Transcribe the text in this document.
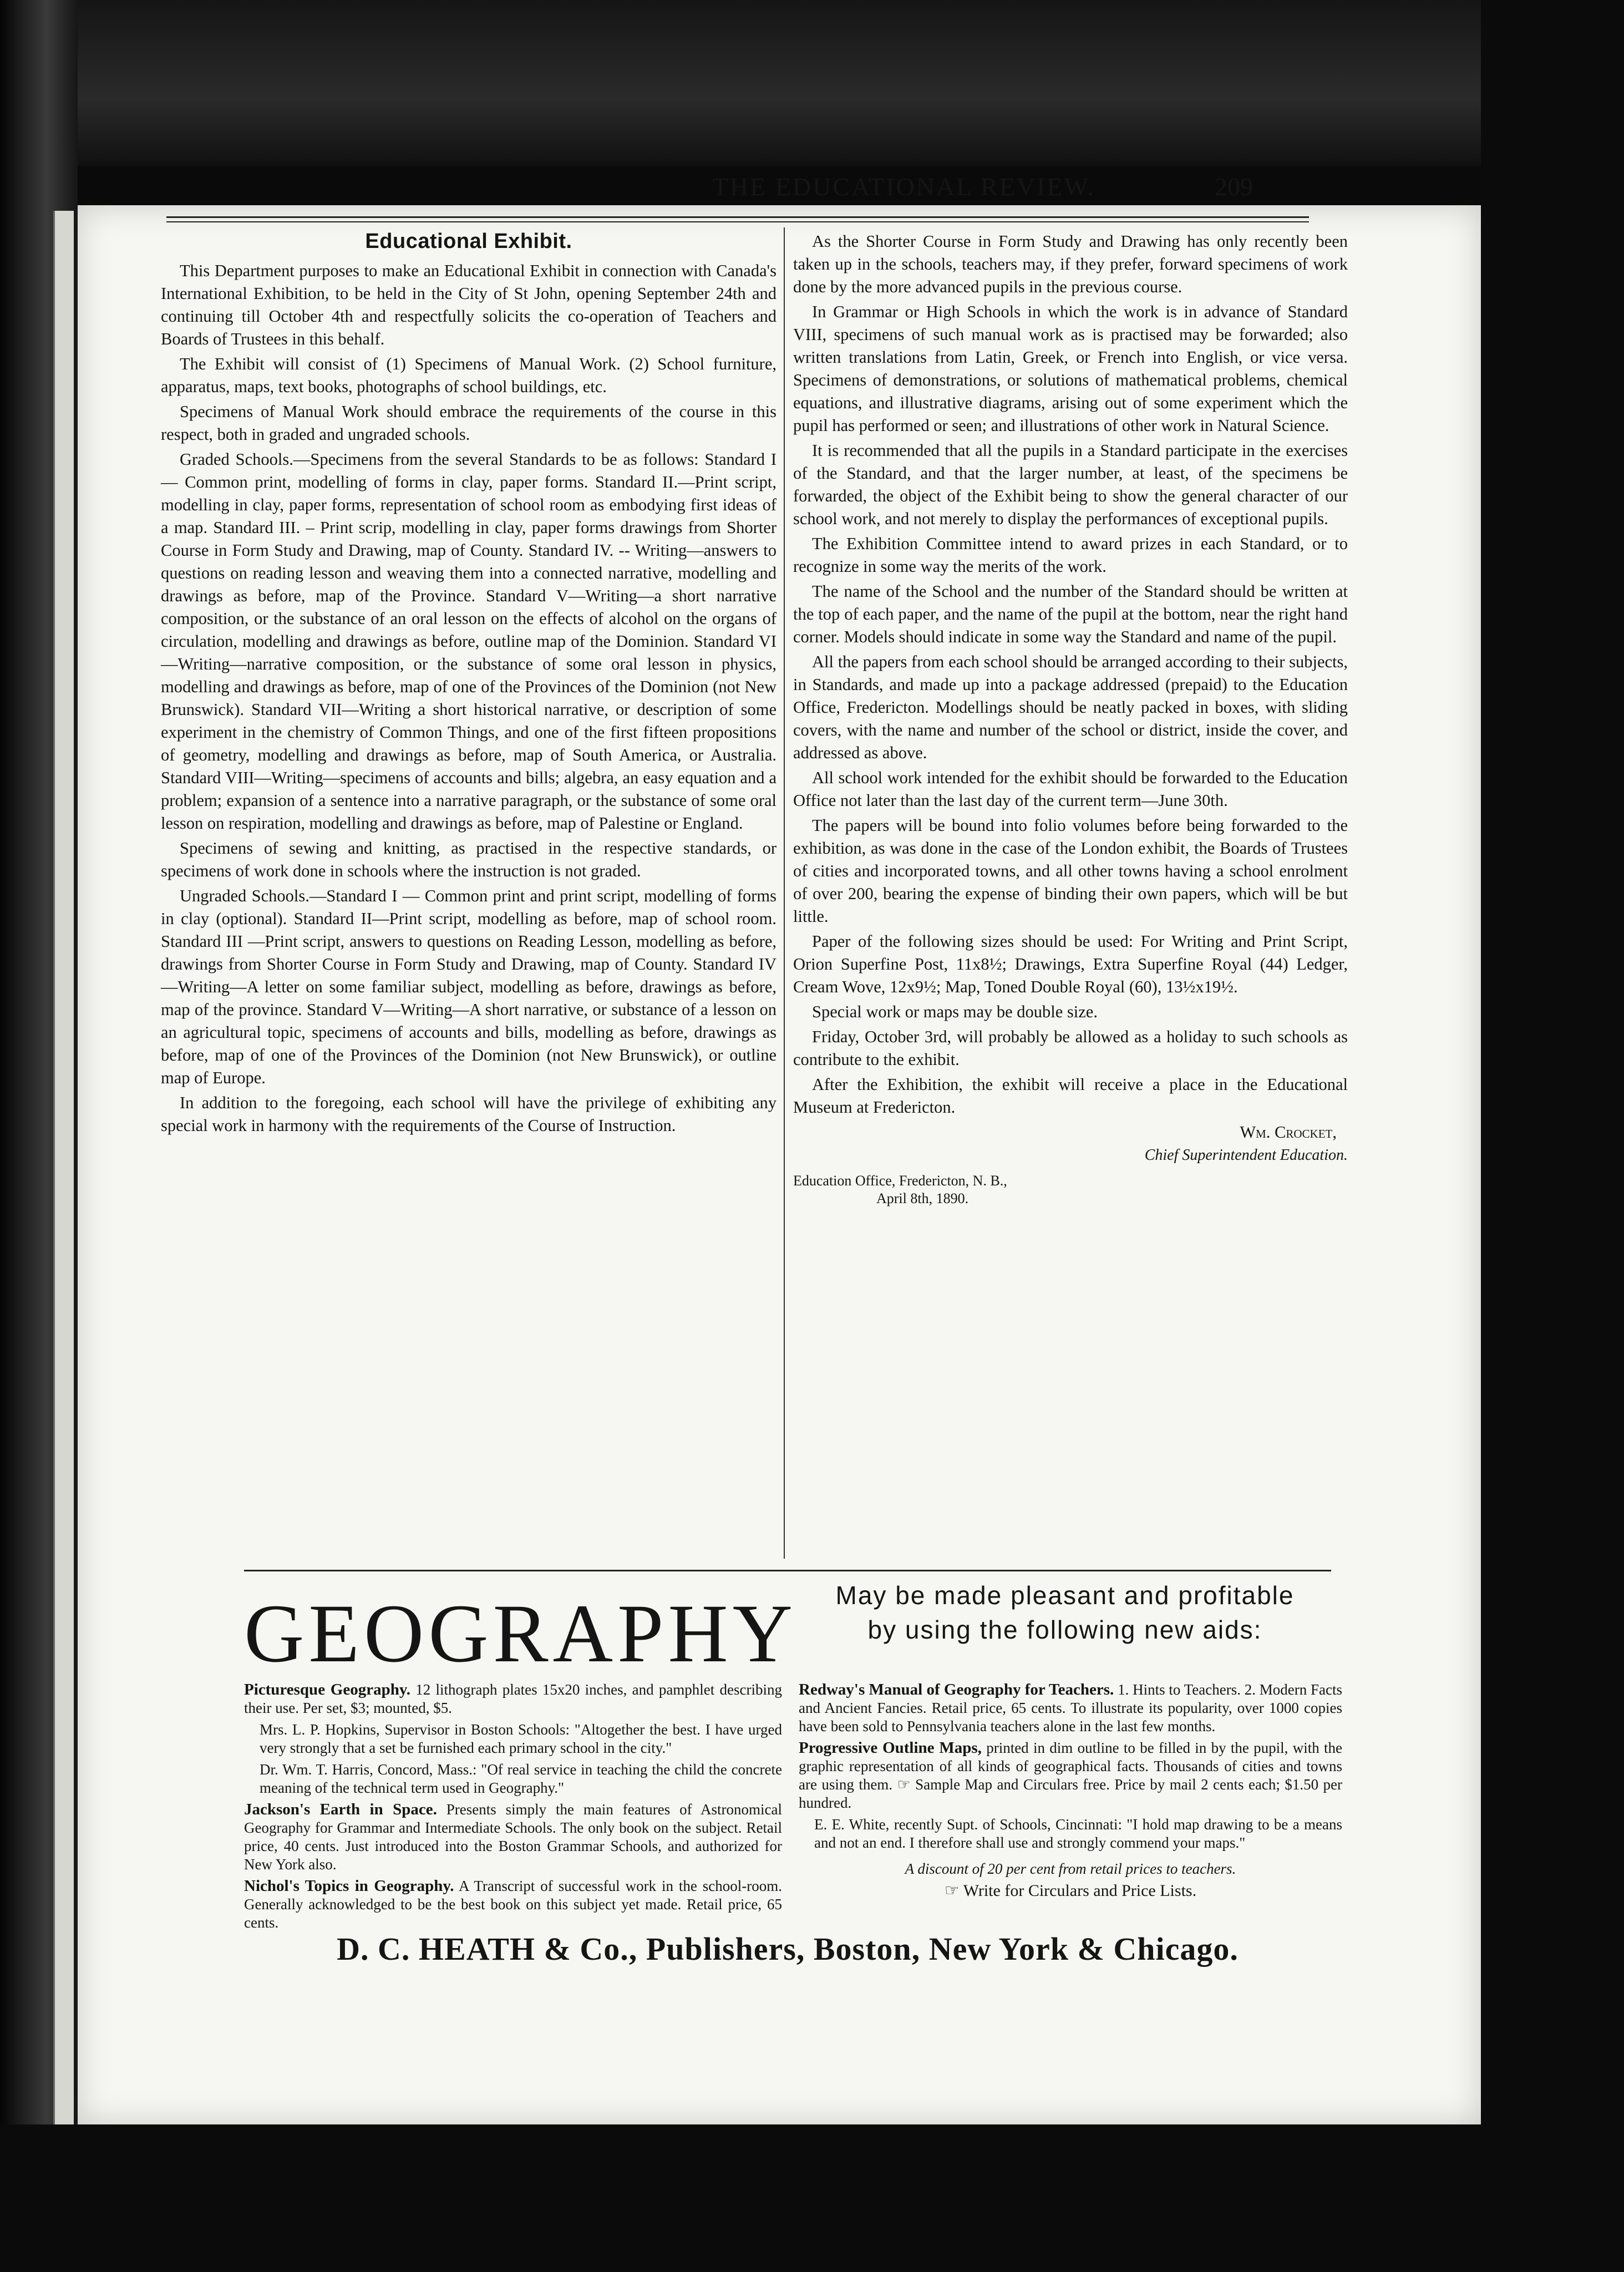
THE EDUCATIONAL REVIEW.	209
Educational Exhibit.

This Department purposes to make an Educational Exhibit in connection with Canada's International Exhibition, to be held in the City of St John, opening September 24th and continuing till October 4th and respectfully solicits the co-operation of Teachers and Boards of Trustees in this behalf.

The Exhibit will consist of (1) Specimens of Manual Work. (2) School furniture, apparatus, maps, text books, photographs of school buildings, etc.

Specimens of Manual Work should embrace the requirements of the course in this respect, both in graded and ungraded schools.

Graded Schools.—Specimens from the several Standards to be as follows: Standard I — Common print, modelling of forms in clay, paper forms. Standard II.—Print script, modelling in clay, paper forms, representation of school room as embodying first ideas of a map. Standard III. – Print scrip, modelling in clay, paper forms drawings from Shorter Course in Form Study and Drawing, map of County. Standard IV. -- Writing—answers to questions on reading lesson and weaving them into a connected narrative, modelling and drawings as before, map of the Province. Standard V—Writing—a short narrative composition, or the substance of an oral lesson on the effects of alcohol on the organs of circulation, modelling and drawings as before, outline map of the Dominion. Standard VI—Writing—narrative composition, or the substance of some oral lesson in physics, modelling and drawings as before, map of one of the Provinces of the Dominion (not New Brunswick). Standard VII—Writing a short historical narrative, or description of some experiment in the chemistry of Common Things, and one of the first fifteen propositions of geometry, modelling and drawings as before, map of South America, or Australia. Standard VIII—Writing—specimens of accounts and bills; algebra, an easy equation and a problem; expansion of a sentence into a narrative paragraph, or the substance of some oral lesson on respiration, modelling and drawings as before, map of Palestine or England.

Specimens of sewing and knitting, as practised in the respective standards, or specimens of work done in schools where the instruction is not graded.

Ungraded Schools.—Standard I — Common print and print script, modelling of forms in clay (optional). Standard II—Print script, modelling as before, map of school room. Standard III —Print script, answers to questions on Reading Lesson, modelling as before, drawings from Shorter Course in Form Study and Drawing, map of County. Standard IV—Writing—A letter on some familiar subject, modelling as before, drawings as before, map of the province. Standard V—Writing—A short narrative, or substance of a lesson on an agricultural topic, specimens of accounts and bills, modelling as before, drawings as before, map of one of the Provinces of the Dominion (not New Brunswick), or outline map of Europe.

In addition to the foregoing, each school will have the privilege of exhibiting any special work in harmony with the requirements of the Course of Instruction.

As the Shorter Course in Form Study and Drawing has only recently been taken up in the schools, teachers may, if they prefer, forward specimens of work done by the more advanced pupils in the previous course.

In Grammar or High Schools in which the work is in advance of Standard VIII, specimens of such manual work as is practised may be forwarded; also written translations from Latin, Greek, or French into English, or vice versa. Specimens of demonstrations, or solutions of mathematical problems, chemical equations, and illustrative diagrams, arising out of some experiment which the pupil has performed or seen; and illustrations of other work in Natural Science.

It is recommended that all the pupils in a Standard participate in the exercises of the Standard, and that the larger number, at least, of the specimens be forwarded, the object of the Exhibit being to show the general character of our school work, and not merely to display the performances of exceptional pupils.

The Exhibition Committee intend to award prizes in each Standard, or to recognize in some way the merits of the work.

The name of the School and the number of the Standard should be written at the top of each paper, and the name of the pupil at the bottom, near the right hand corner. Models should indicate in some way the Standard and name of the pupil.

All the papers from each school should be arranged according to their subjects, in Standards, and made up into a package addressed (prepaid) to the Education Office, Fredericton. Modellings should be neatly packed in boxes, with sliding covers, with the name and number of the school or district, inside the cover, and addressed as above.

All school work intended for the exhibit should be forwarded to the Education Office not later than the last day of the current term—June 30th.

The papers will be bound into folio volumes before being forwarded to the exhibition, as was done in the case of the London exhibit, the Boards of Trustees of cities and incorporated towns, and all other towns having a school enrolment of over 200, bearing the expense of binding their own papers, which will be but little.

Paper of the following sizes should be used: For Writing and Print Script, Orion Superfine Post, 11x8½; Drawings, Extra Superfine Royal (44) Ledger, Cream Wove, 12x9½; Map, Toned Double Royal (60), 13½x19½.

Special work or maps may be double size.

Friday, October 3rd, will probably be allowed as a holiday to such schools as contribute to the exhibit.

After the Exhibition, the exhibit will receive a place in the Educational Museum at Fredericton.

Wm. Crocket,
Chief Superintendent Education.
Education Office, Fredericton, N. B.,
April 8th, 1890.
GEOGRAPHY	May be made pleasant and profitable
by using the following new aids:

Picturesque Geography. 12 lithograph plates 15x20 inches, and pamphlet describing their use. Per set, $3; mounted, $5.

Mrs. L. P. Hopkins, Supervisor in Boston Schools: "Altogether the best. I have urged very strongly that a set be furnished each primary school in the city."

Dr. Wm. T. Harris, Concord, Mass.: "Of real service in teaching the child the concrete meaning of the technical term used in Geography."

Jackson's Earth in Space. Presents simply the main features of Astronomical Geography for Grammar and Intermediate Schools. The only book on the subject. Retail price, 40 cents. Just introduced into the Boston Grammar Schools, and authorized for New York also.

Nichol's Topics in Geography. A Transcript of successful work in the school-room. Generally acknowledged to be the best book on this subject yet made. Retail price, 65 cents.

Redway's Manual of Geography for Teachers. 1. Hints to Teachers. 2. Modern Facts and Ancient Fancies. Retail price, 65 cents. To illustrate its popularity, over 1000 copies have been sold to Pennsylvania teachers alone in the last few months.

Progressive Outline Maps, printed in dim outline to be filled in by the pupil, with the graphic representation of all kinds of geographical facts. Thousands of cities and towns are using them. ☞ Sample Map and Circulars free. Price by mail 2 cents each; $1.50 per hundred.

E. E. White, recently Supt. of Schools, Cincinnati: "I hold map drawing to be a means and not an end. I therefore shall use and strongly commend your maps."

A discount of 20 per cent from retail prices to teachers.

☞ Write for Circulars and Price Lists.

D. C. HEATH & Co., Publishers, Boston, New York & Chicago.
